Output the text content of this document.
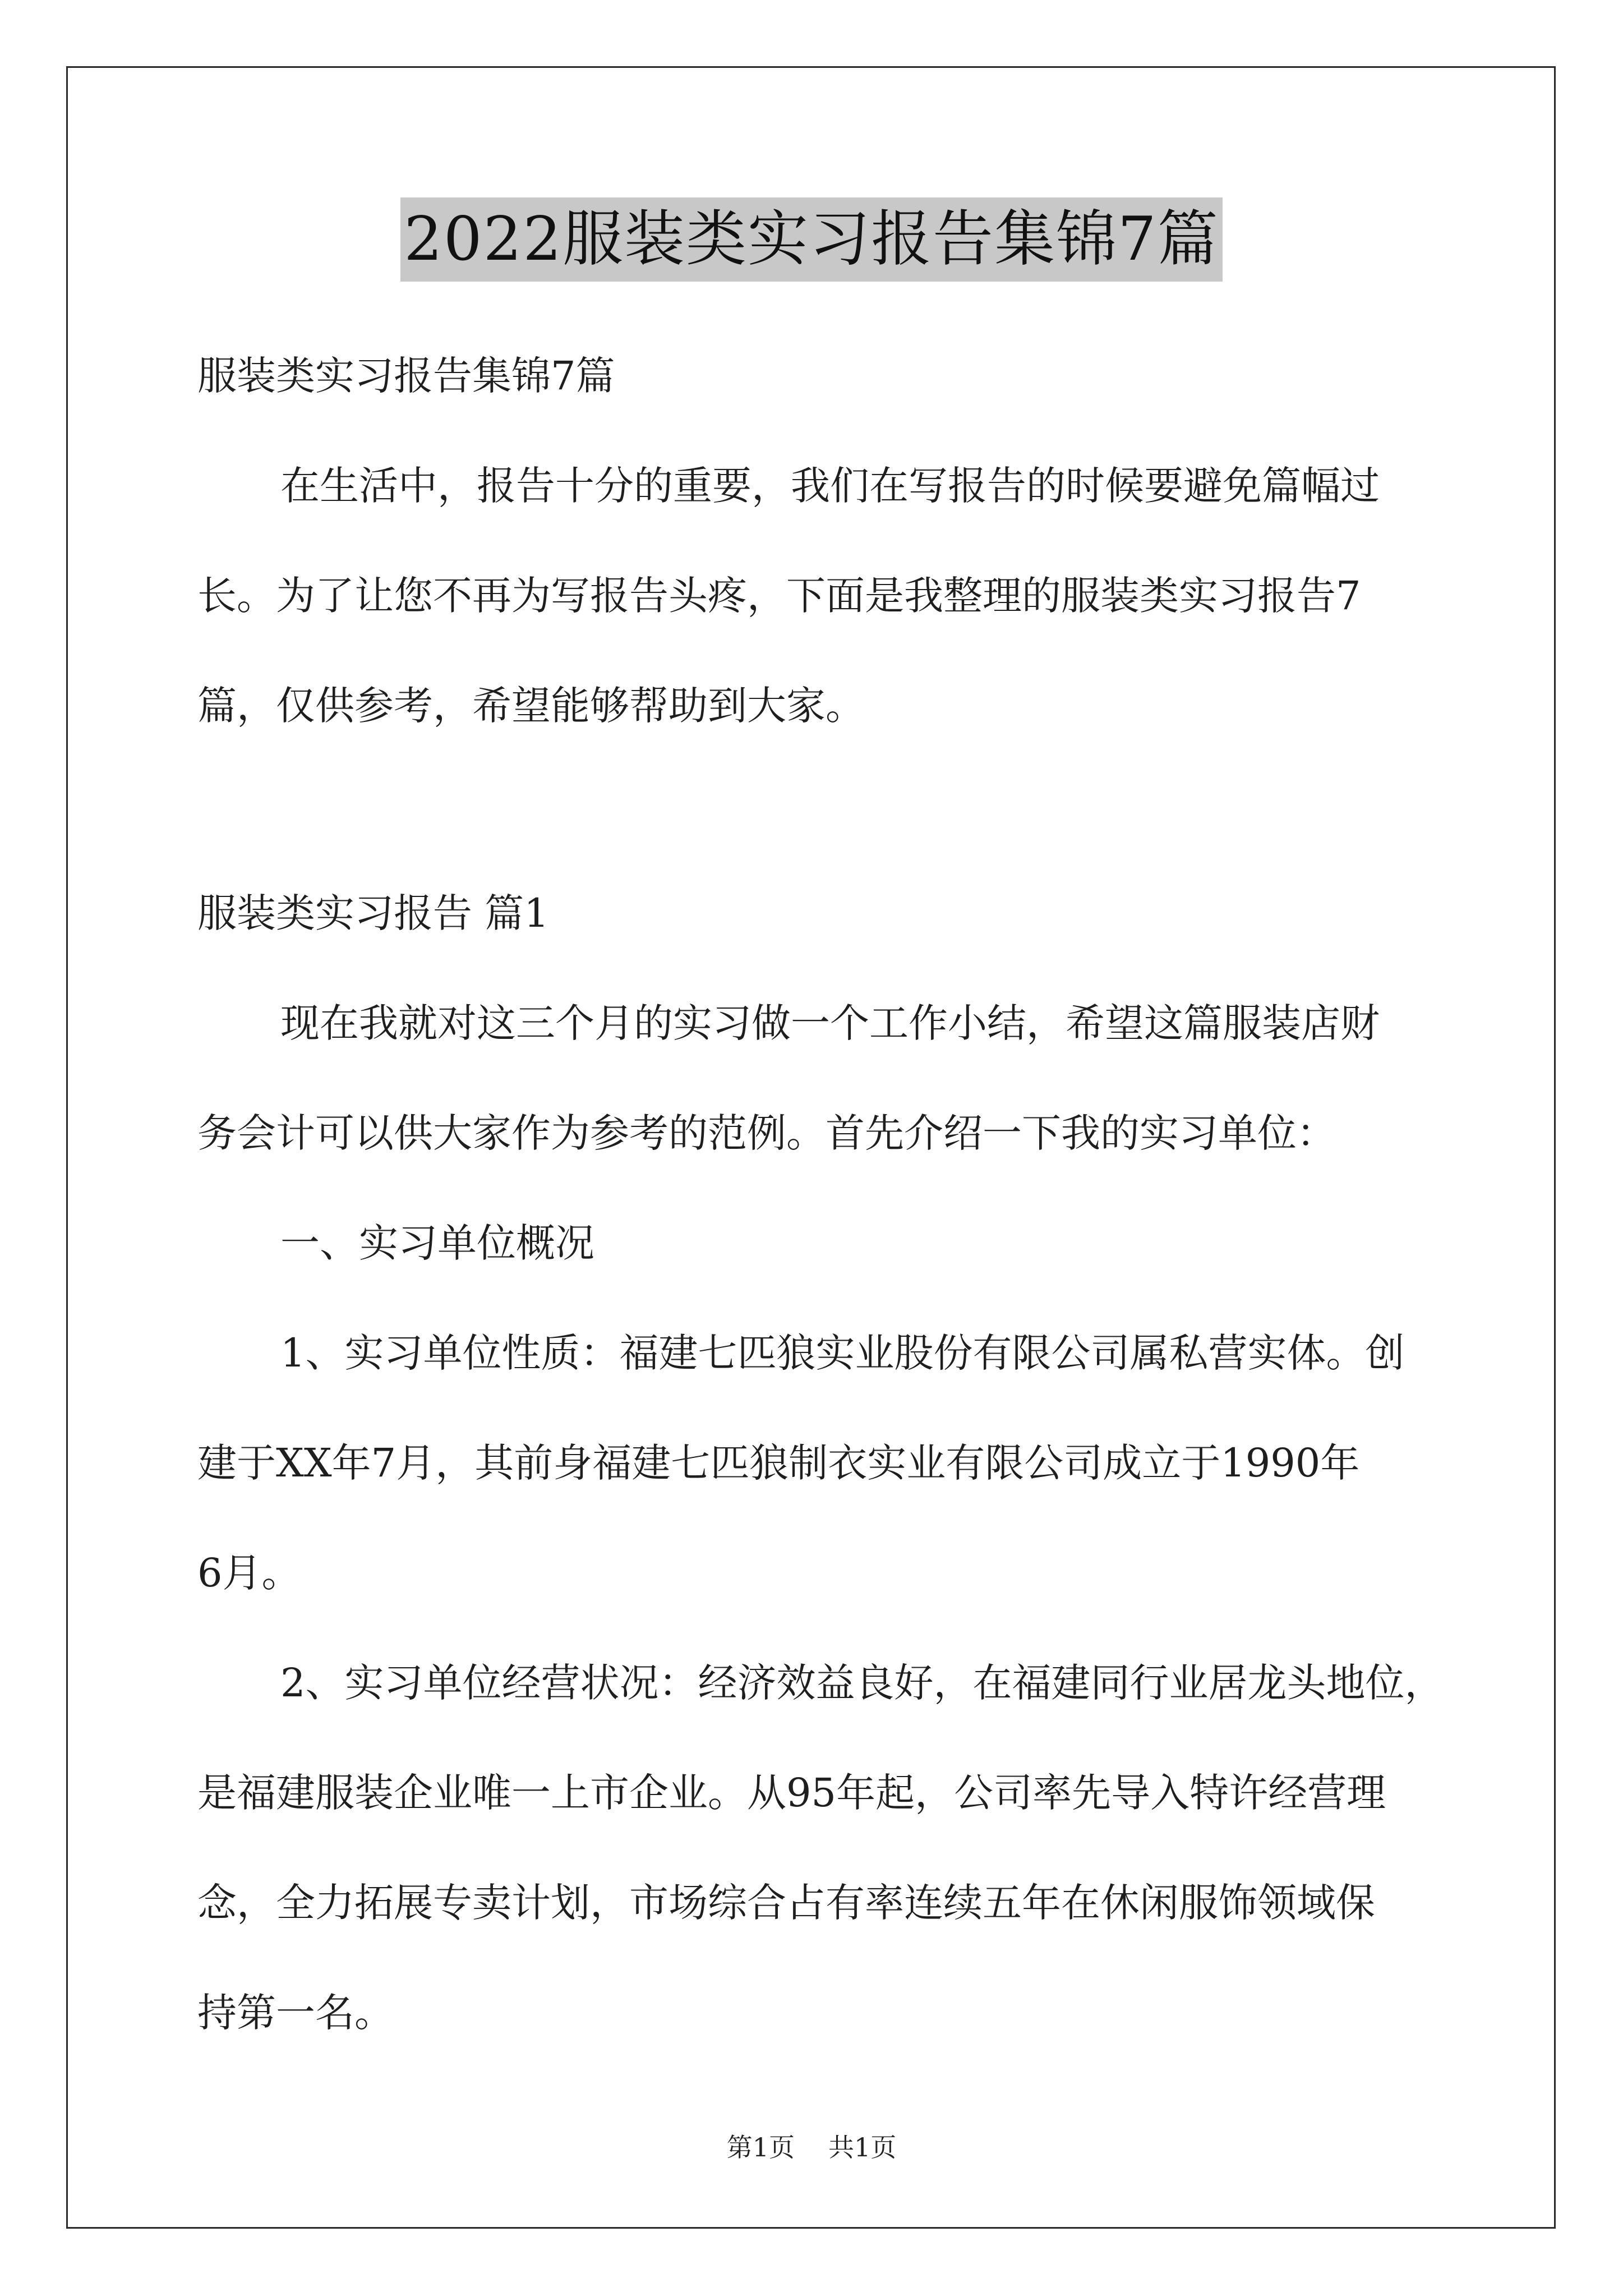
2022服装类实习报告集锦7篇
服装类实习报告集锦7篇
在生活中，报告十分的重要，我们在写报告的时候要避免篇幅过
长。为了让您不再为写报告头疼，下面是我整理的服装类实习报告7
篇，仅供参考，希望能够帮助到大家。
服装类实习报告 篇1
现在我就对这三个月的实习做一个工作小结，希望这篇服装店财
务会计可以供大家作为参考的范例。首先介绍一下我的实习单位：
一、实习单位概况
1、实习单位性质：福建七匹狼实业股份有限公司属私营实体。创
建于XX年7月，其前身福建七匹狼制衣实业有限公司成立于1990年
6月。
2、实习单位经营状况：经济效益良好，在福建同行业居龙头地位，
是福建服装企业唯一上市企业。从95年起，公司率先导入特许经营理
念，全力拓展专卖计划，市场综合占有率连续五年在休闲服饰领域保
持第一名。
第1页 共1页
